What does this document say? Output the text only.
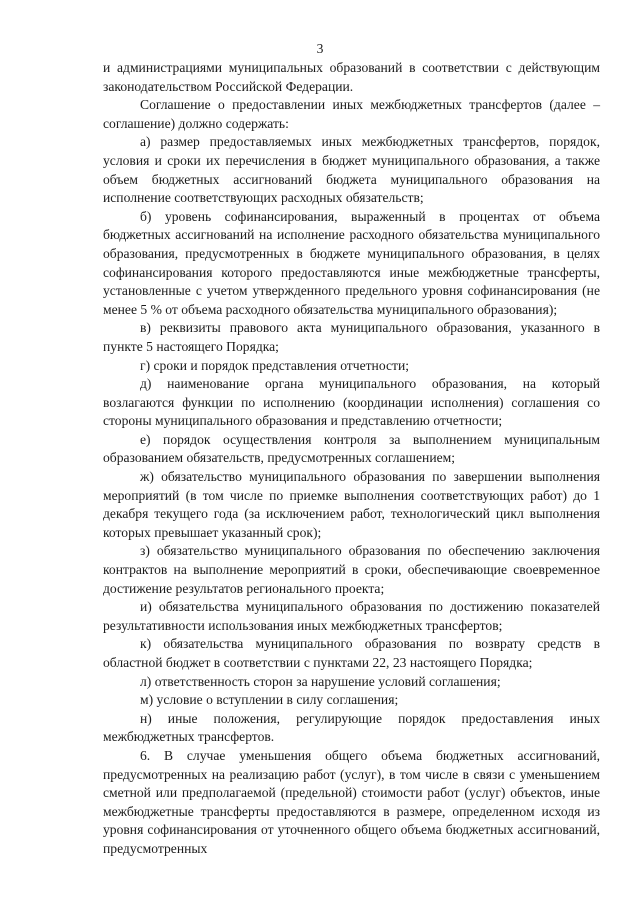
3

и администрациями муниципальных образований в соответствии с действующим законодательством Российской Федерации.

Соглашение о предоставлении иных межбюджетных трансфертов (далее – соглашение) должно содержать:

а) размер предоставляемых иных межбюджетных трансфертов, порядок, условия и сроки их перечисления в бюджет муниципального образования, а также объем бюджетных ассигнований бюджета муниципального образования на исполнение соответствующих расходных обязательств;

б) уровень софинансирования, выраженный в процентах от объема бюджетных ассигнований на исполнение расходного обязательства муниципального образования, предусмотренных в бюджете муниципального образования, в целях софинансирования которого предоставляются иные межбюджетные трансферты, установленные с учетом утвержденного предельного уровня софинансирования (не менее 5 % от объема расходного обязательства муниципального образования);

в) реквизиты правового акта муниципального образования, указанного в пункте 5 настоящего Порядка;

г) сроки и порядок представления отчетности;

д) наименование органа муниципального образования, на который возлагаются функции по исполнению (координации исполнения) соглашения со стороны муниципального образования и представлению отчетности;

е) порядок осуществления контроля за выполнением муниципальным образованием обязательств, предусмотренных соглашением;

ж) обязательство муниципального образования по завершении выполнения мероприятий (в том числе по приемке выполнения соответствующих работ) до 1 декабря текущего года (за исключением работ, технологический цикл выполнения которых превышает указанный срок);

з) обязательство муниципального образования по обеспечению заключения контрактов на выполнение мероприятий в сроки, обеспечивающие своевременное достижение результатов регионального проекта;

и) обязательства муниципального образования по достижению показателей результативности использования иных межбюджетных трансфертов;

к) обязательства муниципального образования по возврату средств в областной бюджет в соответствии с пунктами 22, 23 настоящего Порядка;

л) ответственность сторон за нарушение условий соглашения;

м) условие о вступлении в силу соглашения;

н) иные положения, регулирующие порядок предоставления иных межбюджетных трансфертов.

6. В случае уменьшения общего объема бюджетных ассигнований, предусмотренных на реализацию работ (услуг), в том числе в связи с уменьшением сметной или предполагаемой (предельной) стоимости работ (услуг) объектов, иные межбюджетные трансферты предоставляются в размере, определенном исходя из уровня софинансирования от уточненного общего объема бюджетных ассигнований, предусмотренных
